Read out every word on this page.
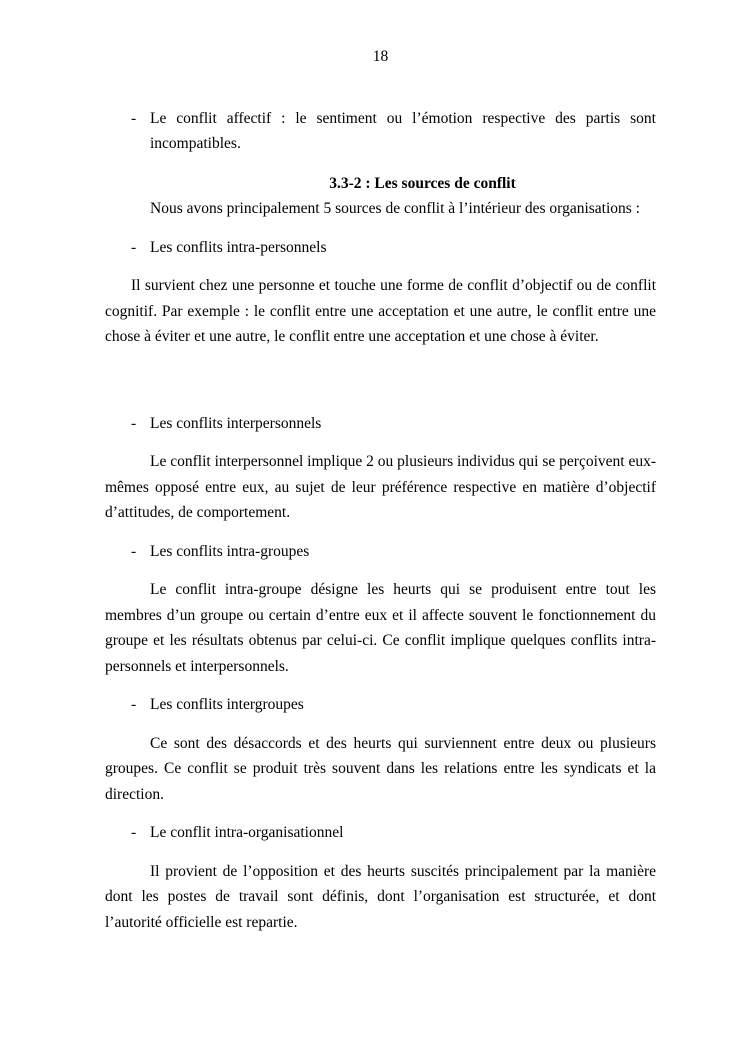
18
- Le conflit affectif : le sentiment ou l’émotion respective des partis sont incompatibles.
3.3-2 : Les sources de conflit

Nous avons principalement 5 sources de conflit à l’intérieur des organisations :

- Les conflits intra-personnels

Il survient chez une personne et touche une forme de conflit d’objectif ou de conflit cognitif. Par exemple : le conflit entre une acceptation et une autre, le conflit entre une chose à éviter et une autre, le conflit entre une acceptation et une chose à éviter.

- Les conflits interpersonnels

Le conflit interpersonnel implique 2 ou plusieurs individus qui se perçoivent eux-mêmes opposé entre eux, au sujet de leur préférence respective en matière d’objectif d’attitudes, de comportement.

- Les conflits intra-groupes

Le conflit intra-groupe désigne les heurts qui se produisent entre tout les membres d’un groupe ou certain d’entre eux et il affecte souvent le fonctionnement du groupe et les résultats obtenus par celui-ci. Ce conflit implique quelques conflits intra-personnels et interpersonnels.

- Les conflits intergroupes

Ce sont des désaccords et des heurts qui surviennent entre deux ou plusieurs groupes. Ce conflit se produit très souvent dans les relations entre les syndicats et la direction.

- Le conflit intra-organisationnel

Il provient de l’opposition et des heurts suscités principalement par la manière dont les postes de travail sont définis, dont l’organisation est structurée, et dont l’autorité officielle est repartie.
